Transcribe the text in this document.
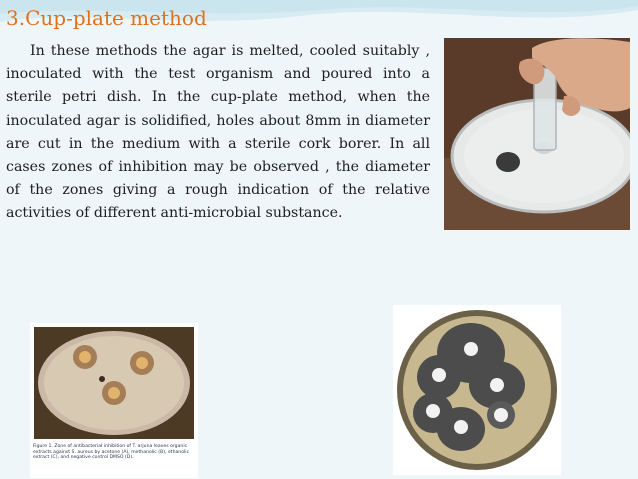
3.Cup-plate method
In these methods the agar is melted, cooled suitably , inoculated with the test organism and poured into a sterile petri dish. In the cup-plate method, when the inoculated agar is solidified, holes about 8mm in diameter are cut in the medium with a sterile cork borer. In all cases zones of inhibition may be observed , the diameter of the zones giving a rough indication of the relative activities of different anti-microbial substance.
Figure 1. Zone of antibacterial inhibition of T. arjuna leaves organic extracts against S. aureus by acetone (A), methanolic (B), ethanolic extract (C), and negative control DMSO (D).
